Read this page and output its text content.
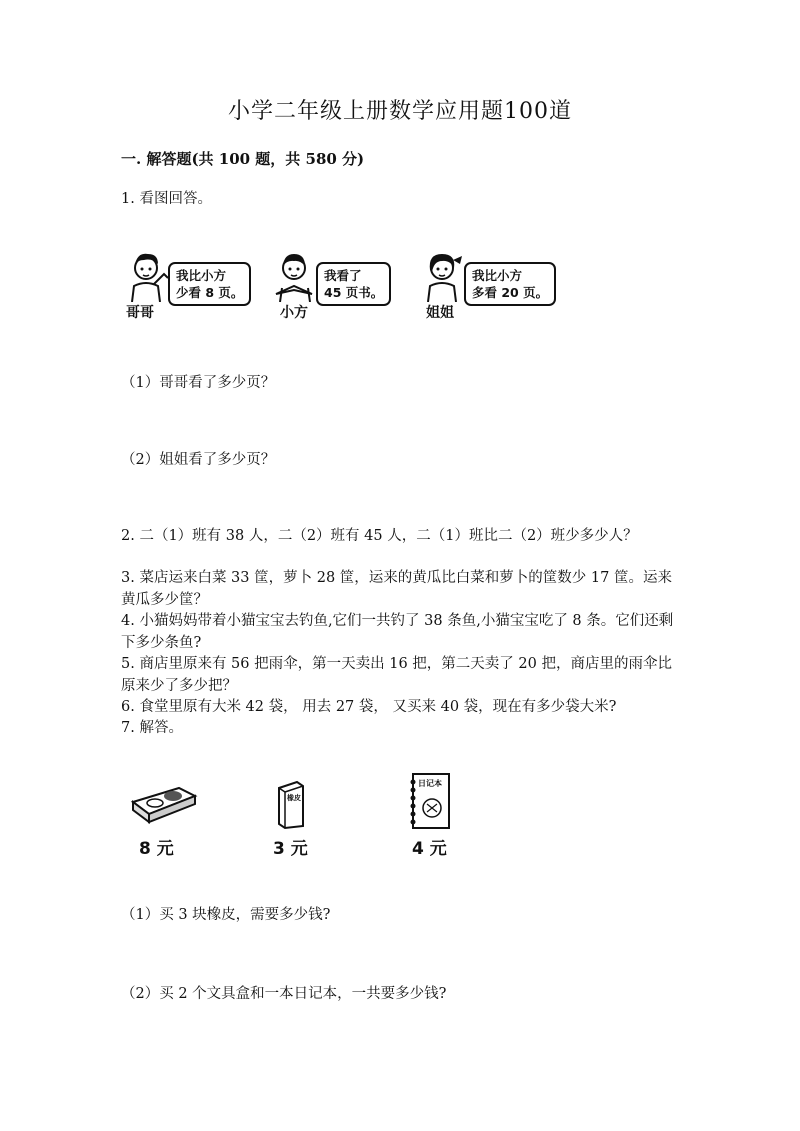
小学二年级上册数学应用题100道
一. 解答题(共 100 题，共 580 分)
1. 看图回答。
哥哥
我比小方
少看 8 页。
小方
我看了
45 页书。
姐姐
我比小方
多看 20 页。
（1）哥哥看了多少页？
（2）姐姐看了多少页？
2. 二（1）班有 38 人，二（2）班有 45 人，二（1）班比二（2）班少多少人？
3. 菜店运来白菜 33 筐，萝卜 28 筐，运来的黄瓜比白菜和萝卜的筐数少 17 筐。运来黄瓜多少筐？
4. 小猫妈妈带着小猫宝宝去钓鱼,它们一共钓了 38 条鱼,小猫宝宝吃了 8 条。它们还剩下多少条鱼?
5. 商店里原来有 56 把雨伞，第一天卖出 16 把，第二天卖了 20 把，商店里的雨伞比原来少了多少把？
6. 食堂里原有大米 42 袋， 用去 27 袋， 又买来 40 袋，现在有多少袋大米?
7. 解答。
8 元
橡皮
3 元
日记本
4 元
（1）买 3 块橡皮，需要多少钱?
（2）买 2 个文具盒和一本日记本，一共要多少钱?
